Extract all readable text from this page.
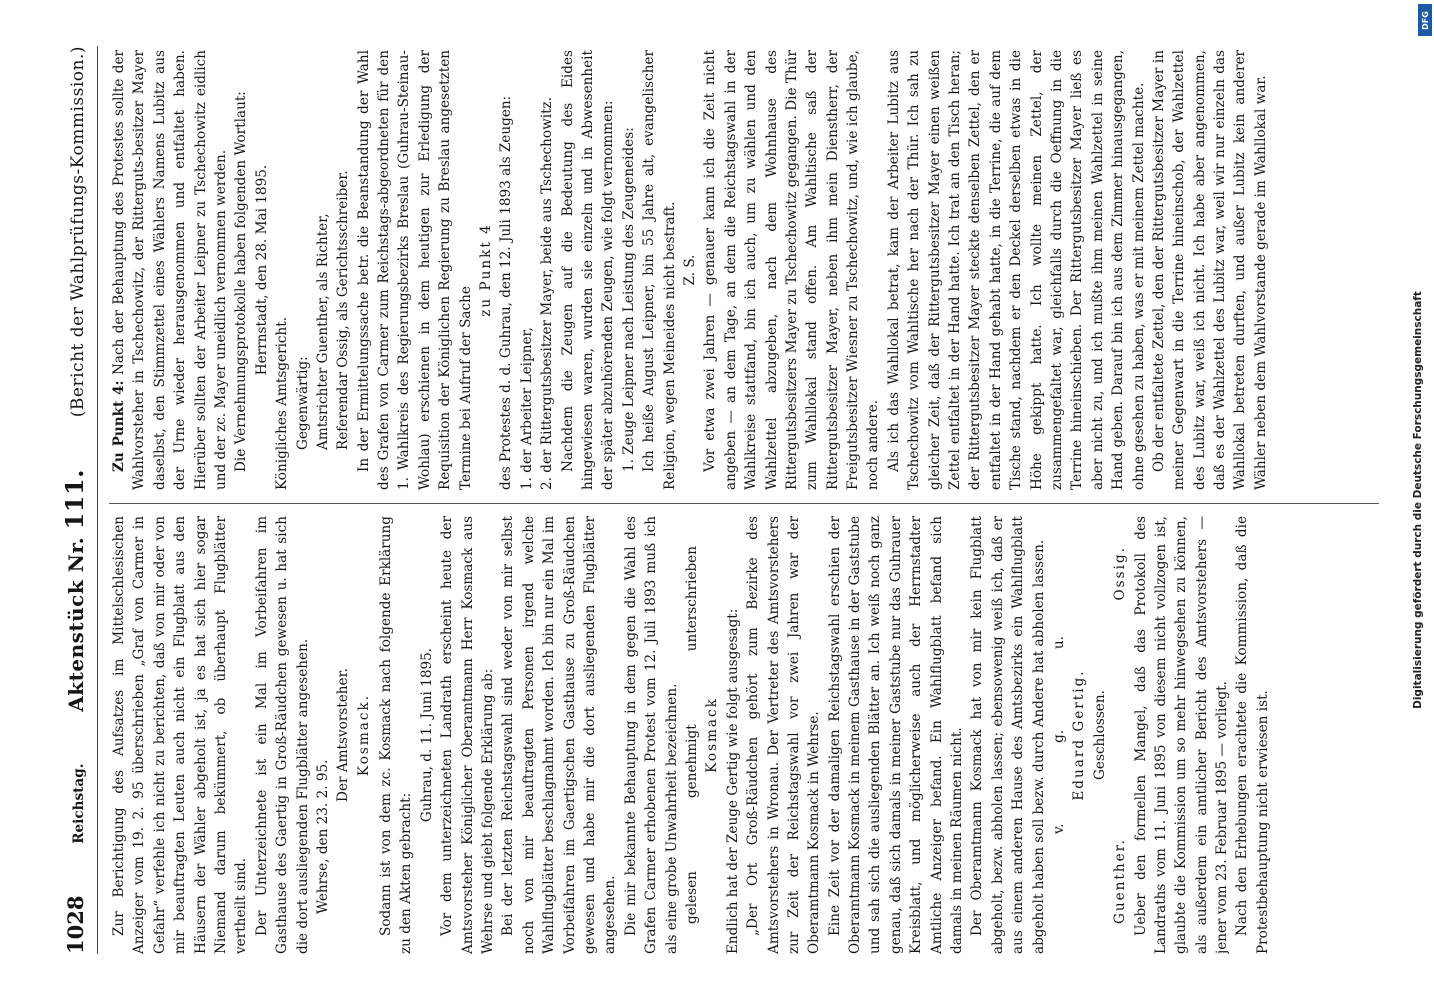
1028
Reichstag.
Aktenstück Nr. 111.
(Bericht der Wahlprüfungs-Kommission.)

Zur Berichtigung des Aufsatzes im Mittelschlesischen Anzeiger vom 19. 2. 95 überschrieben „Graf von Carmer in Gefahr“ verfehle ich nicht zu berichten, daß von mir oder von mir beauftragten Leuten auch nicht ein Flugblatt aus den Häusern der Wähler abgeholt ist, ja es hat sich hier sogar Niemand darum bekümmert, ob überhaupt Flugblätter vertheilt sind. Der Unterzeichnete ist ein Mal im Vorbeifahren im Gasthause des Gaertig in Groß-Räudchen gewesen u. hat sich die dort ausliegenden Flugblätter angesehen. Wehrse, den 23. 2. 95.

Der Amtsvorsteher. Kosmack. Sodann ist von dem zc. Kosmack nach folgende Erklärung zu den Akten gebracht:

Guhrau, d. 11. Juni 1895. Vor dem unterzeichneten Landrath erscheint heute der Amtsvorsteher Königlicher Oberamtmann Herr Kosmack aus Wehrse und giebt folgende Erklärung ab: Bei der letzten Reichstagswahl sind weder von mir selbst noch von mir beauftragten Personen irgend welche Wahlflugblätter beschlagnahmt worden. Ich bin nur ein Mal im Vorbeifahren im Gaertigschen Gasthause zu Groß-Räudchen gewesen und habe mir die dort ausliegenden Flugblätter angesehen. Die mir bekannte Behauptung in dem gegen die Wahl des Grafen Carmer erhobenen Protest vom 12. Juli 1893 muß ich als eine grobe Unwahrheit bezeichnen. gelesen
genehmigt
unterschrieben

Kosmack Endlich hat der Zeuge Gertig wie folgt ausgesagt: „Der Ort Groß-Räudchen gehört zum Bezirke des Amtsvorstehers in Wronau. Der Vertreter des Amtsvorstehers zur Zeit der Reichstagswahl vor zwei Jahren war der Oberamtmann Kosmack in Wehrse. Eine Zeit vor der damaligen Reichstagswahl erschien der Oberamtmann Kosmack in meinem Gasthause in der Gaststube und sah sich die ausliegenden Blätter an. Ich weiß noch ganz genau, daß sich damals in meiner Gaststube nur das Guhrauer Kreisblatt, und möglicherweise auch der Herrnstadter Amtliche Anzeiger befand. Ein Wahlflugblatt befand sich damals in meinen Räumen nicht. Der Oberamtmann Kosmack hat von mir kein Flugblatt abgeholt, bezw. abholen lassen; ebensowenig weiß ich, daß er aus einem anderen Hause des Amtsbezirks ein Wahlflugblatt abgeholt haben soll bezw. durch Andere hat abholen lassen. v.
g.
u.

Eduard Gertig. Geschlossen.

Guenther.
Ossig. Ueber den formellen Mangel, daß das Protokoll des Landraths vom 11. Juni 1895 von diesem nicht vollzogen ist, glaubte die Kommission um so mehr hinwegsehen zu können, als außerdem ein amtlicher Bericht des Amtsvorstehers — jener vom 23. Februar 1895 — vorliegt. Nach den Erhebungen erachtete die Kommission, daß die Protestbehauptung nicht erwiesen ist.

Zu Punkt 4: Nach der Behauptung des Protestes sollte der Wahlvorsteher in Tschechowitz, der Ritterguts-besitzer Mayer daselbst, den Stimmzettel eines Wählers Namens Lubitz aus der Urne wieder herausgenommen und entfaltet haben. Hierüber sollten der Arbeiter Leipner zu Tschechowitz eidlich und der zc. Mayer uneidlich vernommen werden. Die Vernehmungsprotokolle haben folgenden Wortlaut: Herrnstadt, den 28. Mai 1895.

Königliches Amtsgericht. Gegenwärtig: Amtsrichter Guenther, als Richter, Referendar Ossig, als Gerichtsschreiber. In der Ermittelungssache betr. die Beanstandung der Wahl des Grafen von Carmer zum Reichstags-abgeordneten für den 1. Wahlkreis des Regierungsbezirks Breslau (Guhrau-Steinau-Wohlau) erschienen in dem heutigen zur Erledigung der Requisition der Königlichen Regierung zu Breslau angesetzten Termine bei Aufruf der Sache

zu Punkt 4 des Protestes d. d. Guhrau, den 12. Juli 1893 als Zeugen: 1. der Arbeiter Leipner, 2. der Rittergutsbesitzer Mayer, beide aus Tschechowitz. Nachdem die Zeugen auf die Bedeutung des Eides hingewiesen waren, wurden sie einzeln und in Abwesenheit der später abzuhörenden Zeugen, wie folgt vernommen: 1. Zeuge Leipner nach Leistung des Zeugeneides: Ich heiße August Leipner, bin 55 Jahre alt, evangelischer Religion, wegen Meineides nicht bestraft. Z. S. Vor etwa zwei Jahren — genauer kann ich die Zeit nicht angeben — an dem Tage, an dem die Reichstagswahl in der Wahlkreise stattfand, bin ich auch, um zu wählen und den Wahlzettel abzugeben, nach dem Wohnhause des Rittergutsbesitzers Mayer zu Tschechowitz gegangen. Die Thür zum Wahllokal stand offen. Am Wahltische saß der Rittergutsbesitzer Mayer, neben ihm mein Dienstherr, der Freigutsbesitzer Wiesner zu Tschechowitz, und, wie ich glaube, noch andere. Als ich das Wahllokal betrat, kam der Arbeiter Lubitz aus Tschechowitz vom Wahltische her nach der Thür. Ich sah zu gleicher Zeit, daß der Rittergutsbesitzer Mayer einen weißen Zettel entfaltet in der Hand hatte. Ich trat an den Tisch heran; der Rittergutsbesitzer Mayer steckte denselben Zettel, den er entfaltet in der Hand gehabt hatte, in die Terrine, die auf dem Tische stand, nachdem er den Deckel derselben etwas in die Höhe gekippt hatte. Ich wollte meinen Zettel, der zusammengefaltet war, gleichfalls durch die Oeffnung in die Terrine hineinschieben. Der Rittergutsbesitzer Mayer ließ es aber nicht zu, und ich mußte ihm meinen Wahlzettel in seine Hand geben. Darauf bin ich aus dem Zimmer hinausgegangen, ohne gesehen zu haben, was er mit meinem Zettel machte. Ob der entfaltete Zettel, den der Rittergutsbesitzer Mayer in meiner Gegenwart in die Terrine hineinschob, der Wahlzettel des Lubitz war, weiß ich nicht. Ich habe aber angenommen, daß es der Wahlzettel des Lubitz war, weil wir nur einzeln das Wahllokal betreten durften, und außer Lubitz kein anderer Wähler neben dem Wahlvorstande gerade im Wahllokal war.

Digitalisierung gefördert durch die Deutsche Forschungsgemeinschaft
DFG
